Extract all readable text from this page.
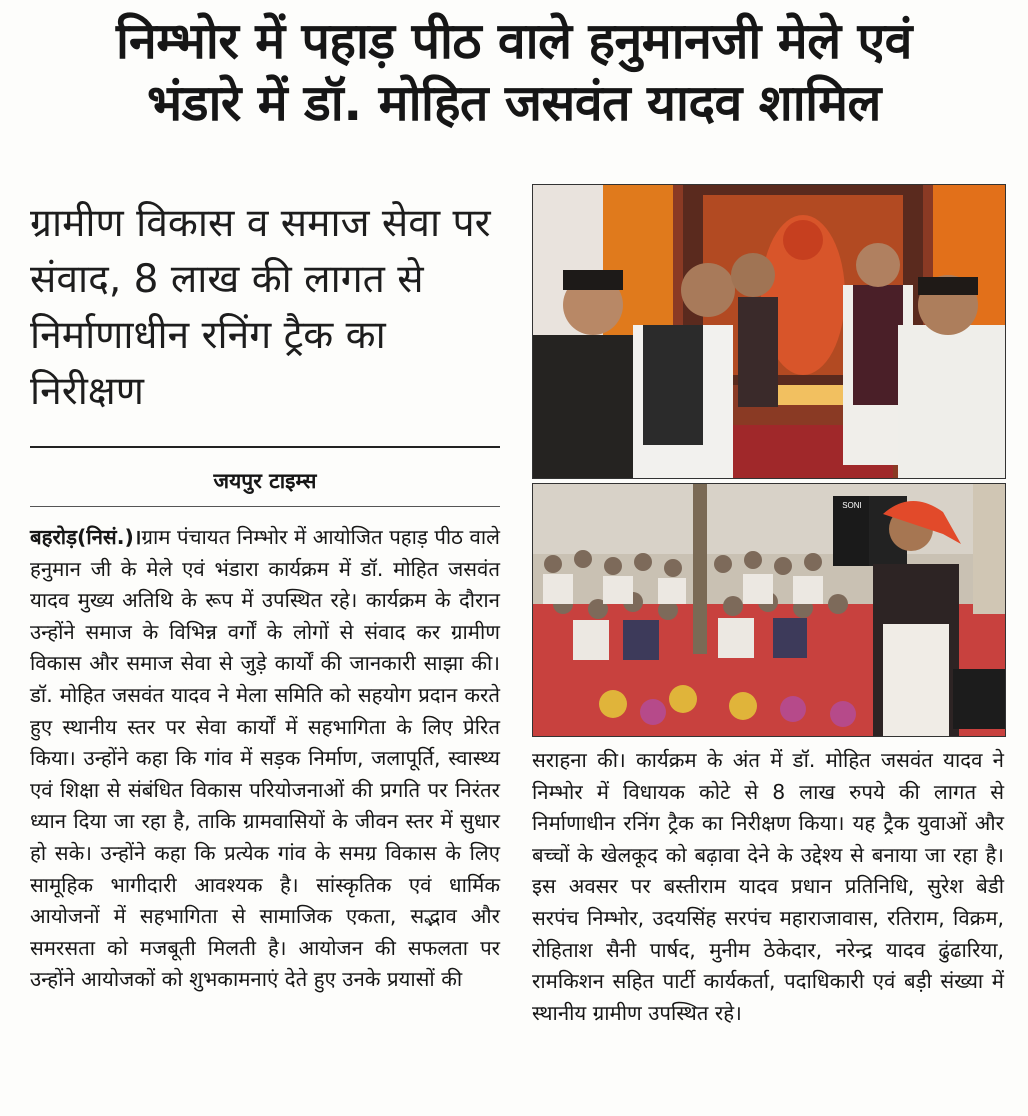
निम्भोर में पहाड़ पीठ वाले हनुमानजी मेले एवं
भंडारे में डॉ. मोहित जसवंत यादव शामिल
ग्रामीण विकास व समाज सेवा पर संवाद, 8 लाख की लागत से निर्माणाधीन रनिंग ट्रैक का निरीक्षण
जयपुर टाइम्स

बहरोड़(निसं.)।ग्राम पंचायत निम्भोर में आयोजित पहाड़ पीठ वाले हनुमान जी के मेले एवं भंडारा कार्यक्रम में डॉ. मोहित जसवंत यादव मुख्य अतिथि के रूप में उपस्थित रहे। कार्यक्रम के दौरान उन्होंने समाज के विभिन्न वर्गों के लोगों से संवाद कर ग्रामीण विकास और समाज सेवा से जुड़े कार्यों की जानकारी साझा की। डॉ. मोहित जसवंत यादव ने मेला समिति को सहयोग प्रदान करते हुए स्थानीय स्तर पर सेवा कार्यों में सहभागिता के लिए प्रेरित किया। उन्होंने कहा कि गांव में सड़क निर्माण, जलापूर्ति, स्वास्थ्य एवं शिक्षा से संबंधित विकास परियोजनाओं की प्रगति पर निरंतर ध्यान दिया जा रहा है, ताकि ग्रामवासियों के जीवन स्तर में सुधार हो सके। उन्होंने कहा कि प्रत्येक गांव के समग्र विकास के लिए सामूहिक भागीदारी आवश्यक है। सांस्कृतिक एवं धार्मिक आयोजनों में सहभागिता से सामाजिक एकता, सद्भाव और समरसता को मजबूती मिलती है। आयोजन की सफलता पर उन्होंने आयोजकों को शुभकामनाएं देते हुए उनके प्रयासों की

SONI

सराहना की। कार्यक्रम के अंत में डॉ. मोहित जसवंत यादव ने निम्भोर में विधायक कोटे से 8 लाख रुपये की लागत से निर्माणाधीन रनिंग ट्रैक का निरीक्षण किया। यह ट्रैक युवाओं और बच्चों के खेलकूद को बढ़ावा देने के उद्देश्य से बनाया जा रहा है। इस अवसर पर बस्तीराम यादव प्रधान प्रतिनिधि, सुरेश बेडी सरपंच निम्भोर, उदयसिंह सरपंच महाराजावास, रतिराम, विक्रम, रोहिताश सैनी पार्षद, मुनीम ठेकेदार, नरेन्द्र यादव ढुंढारिया, रामकिशन सहित पार्टी कार्यकर्ता, पदाधिकारी एवं बड़ी संख्या में स्थानीय ग्रामीण उपस्थित रहे।
